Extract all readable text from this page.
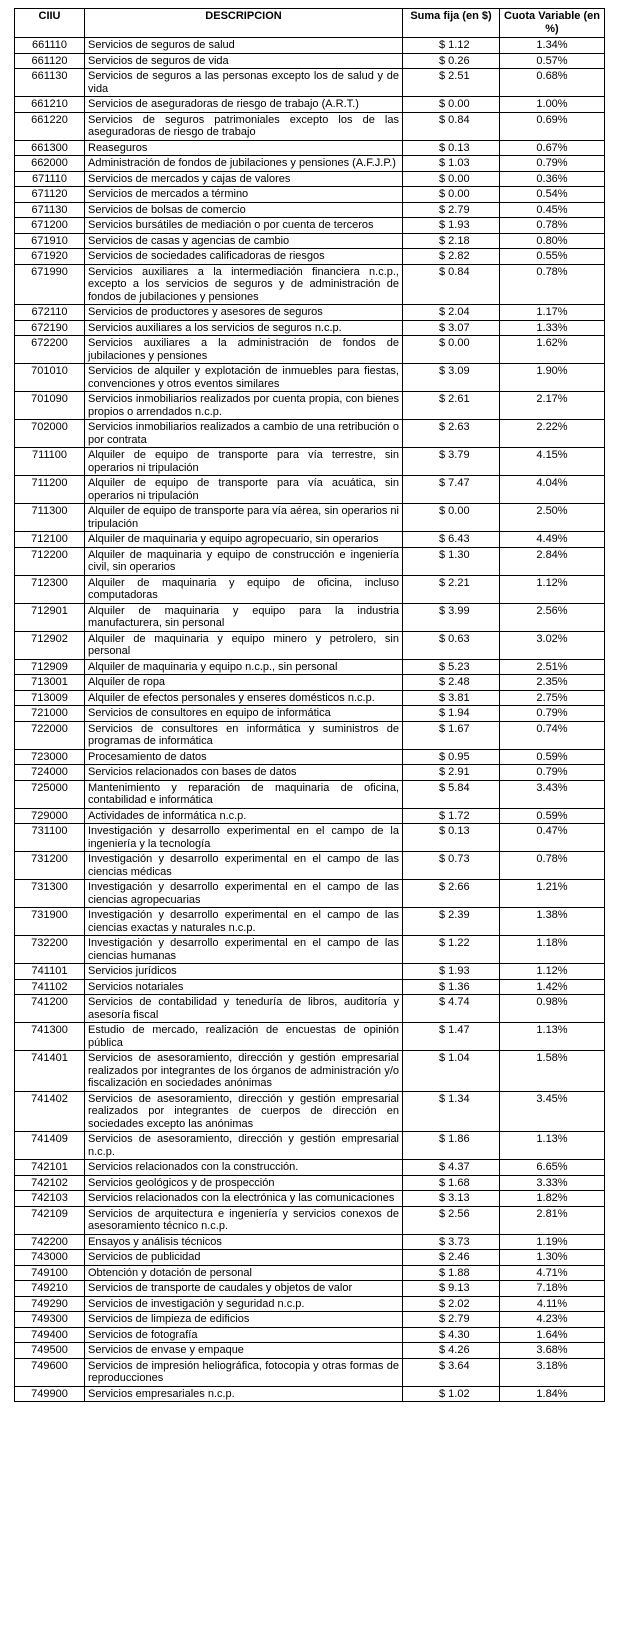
CIIU	DESCRIPCION	Suma fija (en $)	Cuota Variable (en %)
661110	Servicios de seguros de salud	$ 1.12	1.34%
661120	Servicios de seguros de vida	$ 0.26	0.57%
661130	Servicios de seguros a las personas excepto los de salud y de vida	$ 2.51	0.68%
661210	Servicios de aseguradoras de riesgo de trabajo (A.R.T.)	$ 0.00	1.00%
661220	Servicios de seguros patrimoniales excepto los de las aseguradoras de riesgo de trabajo	$ 0.84	0.69%
661300	Reaseguros	$ 0.13	0.67%
662000	Administración de fondos de jubilaciones y pensiones (A.F.J.P.)	$ 1.03	0.79%
671110	Servicios de mercados y cajas de valores	$ 0.00	0.36%
671120	Servicios de mercados a término	$ 0.00	0.54%
671130	Servicios de bolsas de comercio	$ 2.79	0.45%
671200	Servicios bursátiles de mediación o por cuenta de terceros	$ 1.93	0.78%
671910	Servicios de casas y agencias de cambio	$ 2.18	0.80%
671920	Servicios de sociedades calificadoras de riesgos	$ 2.82	0.55%
671990	Servicios auxiliares a la intermediación financiera n.c.p., excepto a los servicios de seguros y de administración de fondos de jubilaciones y pensiones	$ 0.84	0.78%
672110	Servicios de productores y asesores de seguros	$ 2.04	1.17%
672190	Servicios auxiliares a los servicios de seguros n.c.p.	$ 3.07	1.33%
672200	Servicios auxiliares a la administración de fondos de jubilaciones y pensiones	$ 0.00	1.62%
701010	Servicios de alquiler y explotación de inmuebles para fiestas, convenciones y otros eventos similares	$ 3.09	1.90%
701090	Servicios inmobiliarios realizados por cuenta propia, con bienes propios o arrendados n.c.p.	$ 2.61	2.17%
702000	Servicios inmobiliarios realizados a cambio de una retribución o por contrata	$ 2.63	2.22%
711100	Alquiler de equipo de transporte para vía terrestre, sin operarios ni tripulación	$ 3.79	4.15%
711200	Alquiler de equipo de transporte para vía acuática, sin operarios ni tripulación	$ 7.47	4.04%
711300	Alquiler de equipo de transporte para vía aérea, sin operarios ni tripulación	$ 0.00	2.50%
712100	Alquiler de maquinaria y equipo agropecuario, sin operarios	$ 6.43	4.49%
712200	Alquiler de maquinaria y equipo de construcción e ingeniería civil, sin operarios	$ 1.30	2.84%
712300	Alquiler de maquinaria y equipo de oficina, incluso computadoras	$ 2.21	1.12%
712901	Alquiler de maquinaria y equipo para la industria manufacturera, sin personal	$ 3.99	2.56%
712902	Alquiler de maquinaria y equipo minero y petrolero, sin personal	$ 0.63	3.02%
712909	Alquiler de maquinaria y equipo n.c.p., sin personal	$ 5.23	2.51%
713001	Alquiler de ropa	$ 2.48	2.35%
713009	Alquiler de efectos personales y enseres domésticos n.c.p.	$ 3.81	2.75%
721000	Servicios de consultores en equipo de informática	$ 1.94	0.79%
722000	Servicios de consultores en informática y suministros de programas de informática	$ 1.67	0.74%
723000	Procesamiento de datos	$ 0.95	0.59%
724000	Servicios relacionados con bases de datos	$ 2.91	0.79%
725000	Mantenimiento y reparación de maquinaria de oficina, contabilidad e informática	$ 5.84	3.43%
729000	Actividades de informática n.c.p.	$ 1.72	0.59%
731100	Investigación y desarrollo experimental en el campo de la ingeniería y la tecnología	$ 0.13	0.47%
731200	Investigación y desarrollo experimental en el campo de las ciencias médicas	$ 0.73	0.78%
731300	Investigación y desarrollo experimental en el campo de las ciencias agropecuarias	$ 2.66	1.21%
731900	Investigación y desarrollo experimental en el campo de las ciencias exactas y naturales n.c.p.	$ 2.39	1.38%
732200	Investigación y desarrollo experimental en el campo de las ciencias humanas	$ 1.22	1.18%
741101	Servicios jurídicos	$ 1.93	1.12%
741102	Servicios notariales	$ 1.36	1.42%
741200	Servicios de contabilidad y teneduría de libros, auditoría y asesoría fiscal	$ 4.74	0.98%
741300	Estudio de mercado, realización de encuestas de opinión pública	$ 1.47	1.13%
741401	Servicios de asesoramiento, dirección y gestión empresarial realizados por integrantes de los órganos de administración y/o fiscalización en sociedades anónimas	$ 1.04	1.58%
741402	Servicios de asesoramiento, dirección y gestión empresarial realizados por integrantes de cuerpos de dirección en sociedades excepto las anónimas	$ 1.34	3.45%
741409	Servicios de asesoramiento, dirección y gestión empresarial n.c.p.	$ 1.86	1.13%
742101	Servicios relacionados con la construcción.	$ 4.37	6.65%
742102	Servicios geológicos y de prospección	$ 1.68	3.33%
742103	Servicios relacionados con la electrónica y las comunicaciones	$ 3.13	1.82%
742109	Servicios de arquitectura e ingeniería y servicios conexos de asesoramiento técnico n.c.p.	$ 2.56	2.81%
742200	Ensayos y análisis técnicos	$ 3.73	1.19%
743000	Servicios de publicidad	$ 2.46	1.30%
749100	Obtención y dotación de personal	$ 1.88	4.71%
749210	Servicios de transporte de caudales y objetos de valor	$ 9.13	7.18%
749290	Servicios de investigación y seguridad n.c.p.	$ 2.02	4.11%
749300	Servicios de limpieza de edificios	$ 2.79	4.23%
749400	Servicios de fotografía	$ 4.30	1.64%
749500	Servicios de envase y empaque	$ 4.26	3.68%
749600	Servicios de impresión heliográfica, fotocopia y otras formas de reproducciones	$ 3.64	3.18%
749900	Servicios empresariales n.c.p.	$ 1.02	1.84%
